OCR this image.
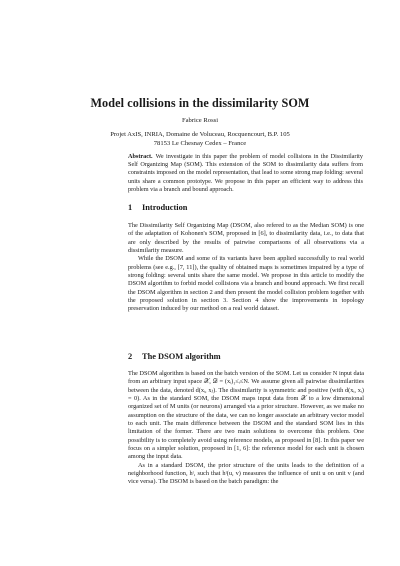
Model collisions in the dissimilarity SOM
Fabrice Rossi
Projet AxIS, INRIA, Domaine de Voluceau, Rocquencourt, B.P. 105
78153 Le Chesnay Cedex – France
Abstract. We investigate in this paper the problem of model collisions in the Dissimilarity Self Organizing Map (SOM). This extension of the SOM to dissimilarity data suffers from constraints imposed on the model representation, that lead to some strong map folding: several units share a common prototype. We propose in this paper an efficient way to address this problem via a branch and bound approach.
1 Introduction

The Dissimilarity Self Organizing Map (DSOM, also refered to as the Median SOM) is one of the adaptation of Kohonen's SOM, proposed in [6], to dissimilarity data, i.e., to data that are only described by the results of pairwise comparisons of all observations via a dissimilarity measure.

While the DSOM and some of its variants have been applied successfully to real world problems (see e.g., [7, 11]), the quality of obtained maps is sometimes impaired by a type of strong folding: several units share the same model. We propose in this article to modify the DSOM algorithm to forbid model collisions via a branch and bound approach. We first recall the DSOM algorithm in section 2 and then present the model collision problem together with the proposed solution in section 3. Section 4 show the improvements in topology preservation induced by our method on a real world dataset.

2 The DSOM algorithm

The DSOM algorithm is based on the batch version of the SOM. Let us consider N input data from an arbitrary input space 𝒳, 𝒟 = (xᵢ)₁≤ᵢ≤N. We assume given all pairwise dissimilarities between the data, denoted d(xᵢ, xⱼ). The dissimilarity is symmetric and positive (with d(xᵢ, xᵢ) = 0). As in the standard SOM, the DSOM maps input data from 𝒳 to a low dimensional organized set of M units (or neurons) arranged via a prior structure. However, as we make no assumption on the structure of the data, we can no longer associate an arbitrary vector model to each unit. The main difference between the DSOM and the standard SOM lies in this limitation of the former. There are two main solutions to overcome this problem. One possibility is to completely avoid using reference models, as proposed in [8]. In this paper we focus on a simpler solution, proposed in [1, 6]: the reference model for each unit is chosen among the input data.

As in a standard DSOM, the prior structure of the units leads to the definition of a neighborhood function, hᵗ, such that hᵗ(u, v) measures the influence of unit u on unit v (and vice versa). The DSOM is based on the batch paradigm: the
